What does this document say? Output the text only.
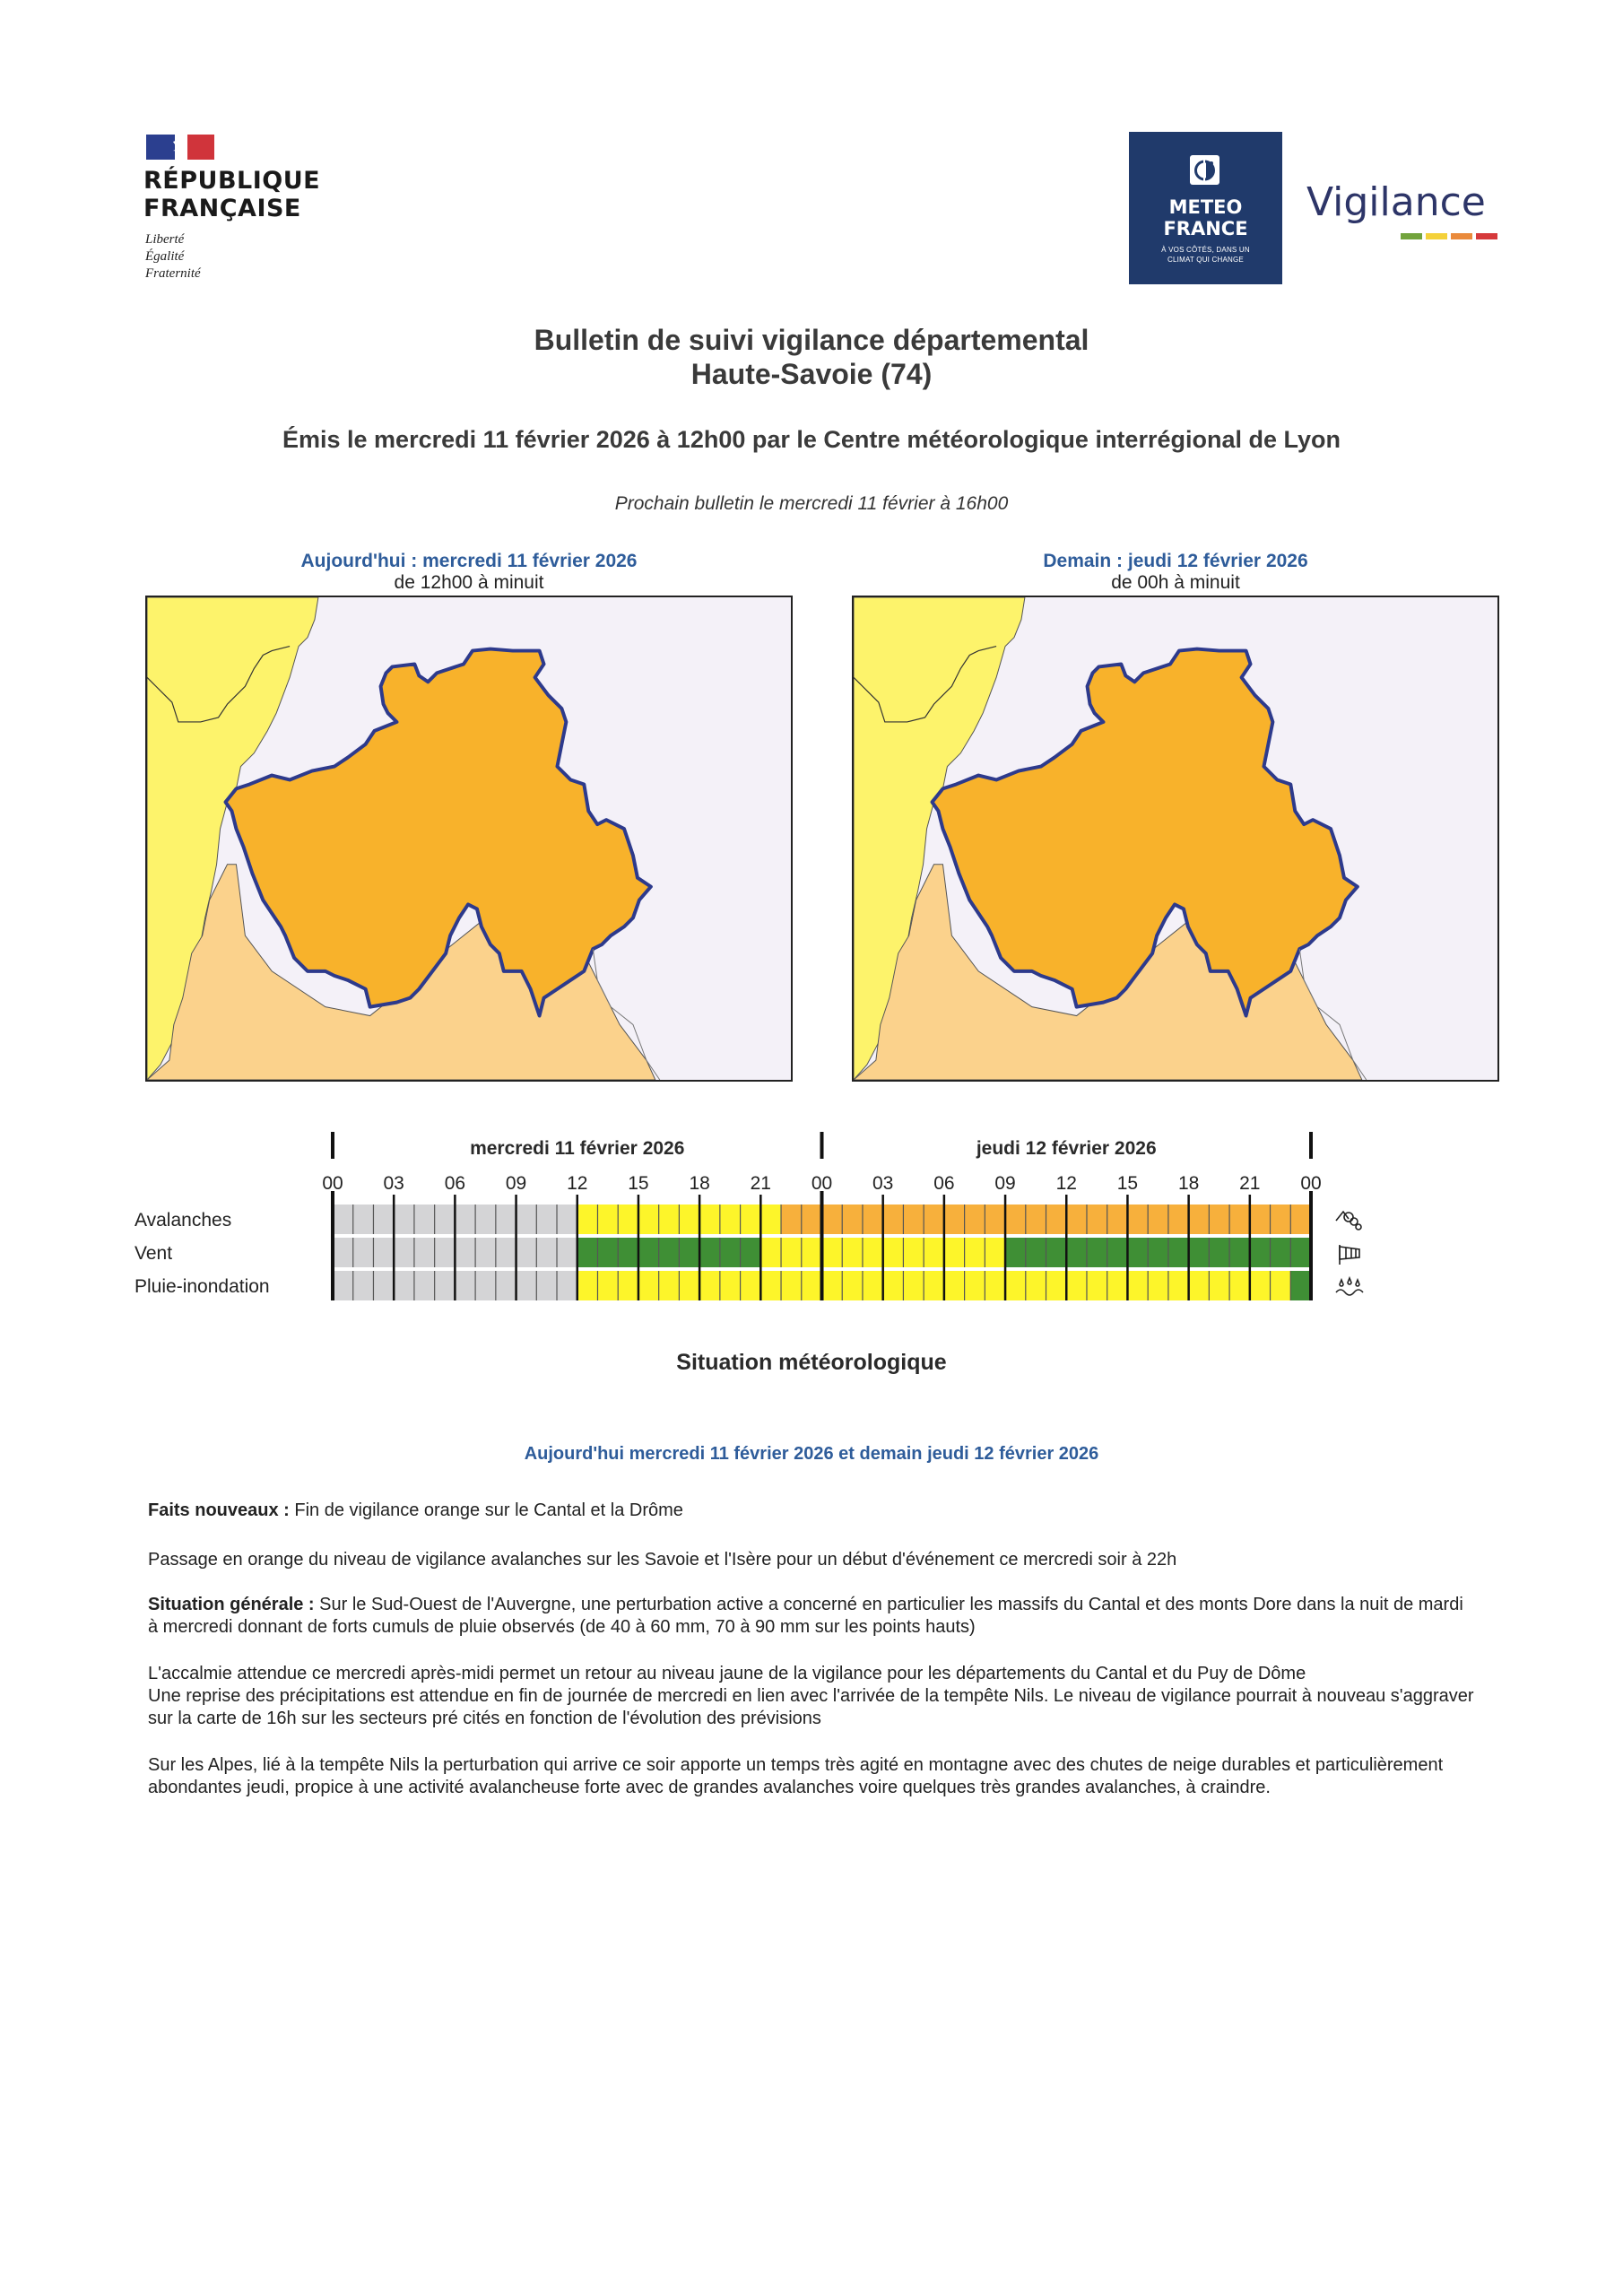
RÉPUBLIQUE
FRANÇAISE
Liberté
Égalité
Fraternité
METEO
FRANCE
À VOS CÔTÉS, DANS UN
CLIMAT QUI CHANGE
Vigilance
Bulletin de suivi vigilance départemental
Haute-Savoie (74)
Émis le mercredi 11 février 2026 à 12h00 par le Centre météorologique interrégional de Lyon
Prochain bulletin le mercredi 11 février à 16h00
Aujourd'hui : mercredi 11 février 2026
de 12h00 à minuit
Demain : jeudi 12 février 2026
de 00h à minuit
Avalanches
Vent
Pluie-inondation
00 03 06 09 12 15 18 21 00 03 06 09 12 15 18 21 00
mercredi 11 février 2026	jeudi 12 février 2026
Situation météorologique
Aujourd'hui mercredi 11 février 2026 et demain jeudi 12 février 2026
Faits nouveaux : Fin de vigilance orange sur le Cantal et la Drôme
Passage en orange du niveau de vigilance avalanches sur les Savoie et l'Isère pour un début d'événement ce mercredi soir à 22h
Situation générale : Sur le Sud-Ouest de l'Auvergne, une perturbation active a concerné en particulier les massifs du Cantal et des monts Dore dans la nuit de mardi à mercredi donnant de forts cumuls de pluie observés (de 40 à 60 mm, 70 à 90 mm sur les points hauts)
L'accalmie attendue ce mercredi après-midi permet un retour au niveau jaune de la vigilance pour les départements du Cantal et du Puy de Dôme
Une reprise des précipitations est attendue en fin de journée de mercredi en lien avec l'arrivée de la tempête Nils. Le niveau de vigilance pourrait à nouveau s'aggraver sur la carte de 16h sur les secteurs pré cités en fonction de l'évolution des prévisions
Sur les Alpes, lié à la tempête Nils la perturbation qui arrive ce soir apporte un temps très agité en montagne avec des chutes de neige durables et particulièrement abondantes jeudi, propice à une activité avalancheuse forte avec de grandes avalanches voire quelques très grandes avalanches, à craindre.
